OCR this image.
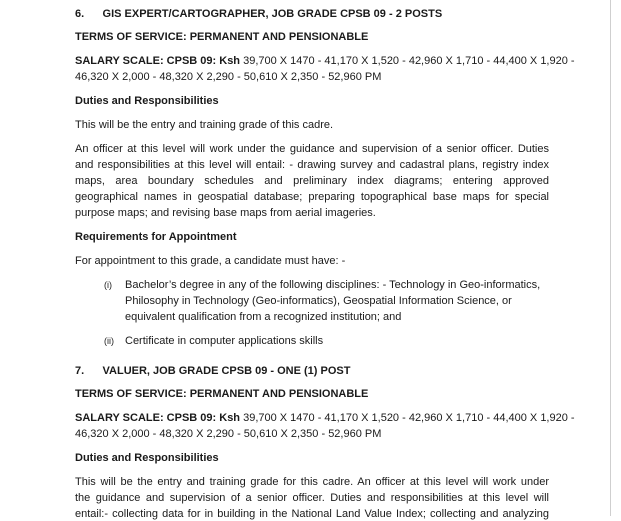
6.      GIS EXPERT/CARTOGRAPHER, JOB GRADE CPSB 09 - 2 POSTS
TERMS OF SERVICE: PERMANENT AND PENSIONABLE
SALARY SCALE: CPSB 09: Ksh 39,700 X 1470 - 41,170 X 1,520 - 42,960 X 1,710 - 44,400 X 1,920 -
46,320 X 2,000 - 48,320 X 2,290 - 50,610 X 2,350 - 52,960 PM
Duties and Responsibilities
This will be the entry and training grade of this cadre.
An officer at this level will work under the guidance and supervision of a senior officer. Duties
and responsibilities at this level will entail: - drawing survey and cadastral plans, registry index
maps, area boundary schedules and preliminary index diagrams; entering approved
geographical names in geospatial database; preparing topographical base maps for special
purpose maps; and revising base maps from aerial imageries.
Requirements for Appointment
For appointment to this grade, a candidate must have: -
(i) Bachelor’s degree in any of the following disciplines: - Technology in Geo-informatics,
Philosophy in Technology (Geo-informatics), Geospatial Information Science, or
equivalent qualification from a recognized institution; and
(ii) Certificate in computer applications skills
7.      VALUER, JOB GRADE CPSB 09 - ONE (1) POST
TERMS OF SERVICE: PERMANENT AND PENSIONABLE
SALARY SCALE: CPSB 09: Ksh 39,700 X 1470 - 41,170 X 1,520 - 42,960 X 1,710 - 44,400 X 1,920 -
46,320 X 2,000 - 48,320 X 2,290 - 50,610 X 2,350 - 52,960 PM
Duties and Responsibilities
This will be the entry and training grade for this cadre. An officer at this level will work under
the guidance and supervision of a senior officer. Duties and responsibilities at this level will
entail:- collecting data for in building in the National Land Value Index; collecting and analyzing
